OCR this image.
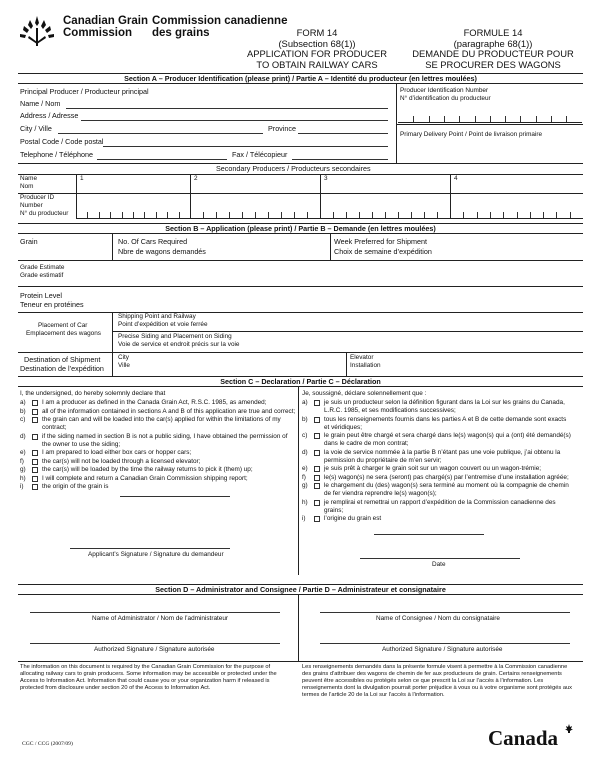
Canadian Grain
Commission
Commission canadienne
des grains	FORM 14
(Subsection 68(1))
APPLICATION FOR PRODUCER
TO OBTAIN RAILWAY CARS
FORMULE 14
(paragraphe 68(1))
DEMANDE DU PRODUCTEUR POUR
SE PROCURER DES WAGONS
Section A – Producer Identification (please print) / Partie A – Identité du producteur (en lettres moulées)
Principal Producer / Producteur principal
Name / Nom
Address / Adresse
City / Ville	Province
Postal Code / Code postal
Telephone / Téléphone	Fax / Télécopieur
Producer Identification Number
N° d’identification du producteur
Primary Delivery Point / Point de livraison primaire
Secondary Producers / Producteurs secondaires
Name
Nom
1	2	3	4
Producer ID
Number
N° du producteur
Section B – Application (please print) / Partie B – Demande (en lettres moulées)
Grain	No. Of Cars Required
Nbre de wagons demandés
Week Preferred for Shipment
Choix de semaine d’expédition
Grade Estimate
Grade estimatif
Protein Level
Teneur en protéines
Placement of Car
Emplacement des wagons
Shipping Point and Railway
Point d’expédition et voie ferrée
Precise Siding and Placement on Siding
Voie de service et endroit précis sur la voie
Destination of Shipment
Destination de l’expédition
City
Ville
Elevator
Installation
Section C – Declaration / Partie C – Déclaration
I, the undersigned, do hereby solemnly declare that	Je, soussigné, déclare solennellement que :
a)	I am a producer as defined in the Canada Grain Act, R.S.C. 1985, as amended;
b)	all of the information contained in sections A and B of this application are true and correct;
c)	the grain can and will be loaded into the car(s) applied for within the limitations of my
contract;
d)	if the siding named in section B is not a public siding, I have obtained the permission of
the owner to use the siding;
e)	I am prepared to load either box cars or hopper cars;
f)	the car(s) will not be loaded through a licensed elevator;
g)	the car(s) will be loaded by the time the railway returns to pick it (them) up;
h)	I will complete and return a Canadian Grain Commission shipping report;
i)	the origin of the grain is
a)	je suis un producteur selon la définition figurant dans la Loi sur les grains du Canada,
L.R.C. 1985, et ses modifications successives;
b)	tous les renseignements fournis dans les parties A et B de cette demande sont exacts
et véridiques;
c)	le grain peut être chargé et sera chargé dans le(s) wagon(s) qui a (ont) été demandé(s)
dans le cadre de mon contrat;
d)	la voie de service nommée à la partie B n’étant pas une voie publique, j’ai obtenu la
permission du propriétaire de m’en servir;
e)	je suis prêt à charger le grain soit sur un wagon couvert ou un wagon-trémie;
f)	le(s) wagon(s) ne sera (seront) pas chargé(s) par l’entremise d’une installation agréée;
g)	le chargement du (des) wagon(s) sera terminé au moment où la compagnie de chemin
de fer viendra reprendre le(s) wagon(s);
h)	je remplirai et remettrai un rapport d’expédition de la Commission canadienne des
grains;
i)	l’origine du grain est
Applicant’s Signature / Signature du demandeur
Date
Section D – Administrator and Consignee / Partie D – Administrateur et consignataire
Name of Administrator / Nom de l’administrateur	Name of Consignee / Nom du consignataire
Authorized Signature / Signature autorisée	Authorized Signature / Signature autorisée
The information on this document is required by the Canadian Grain Commission for the purpose of
allocating railway cars to grain producers. Some information may be accessible or protected under the
Access to Information Act. Information that could cause you or your organization harm if released is
protected from disclosure under section 20 of the Access to Information Act.
Les renseignements demandés dans la présente formule visent à permettre à la Commission canadienne
des grains d’attribuer des wagons de chemin de fer aux producteurs de grain. Certains renseignements
peuvent être accessibles ou protégés selon ce que prescrit la Loi sur l’accès à l’information. Les
renseignements dont la divulgation pourrait porter préjudice à vous ou à votre organisme sont protégés aux
termes de l’article 20 de la Loi sur l’accès à l’information.
CGC / CCG (2007/09)	Canada
